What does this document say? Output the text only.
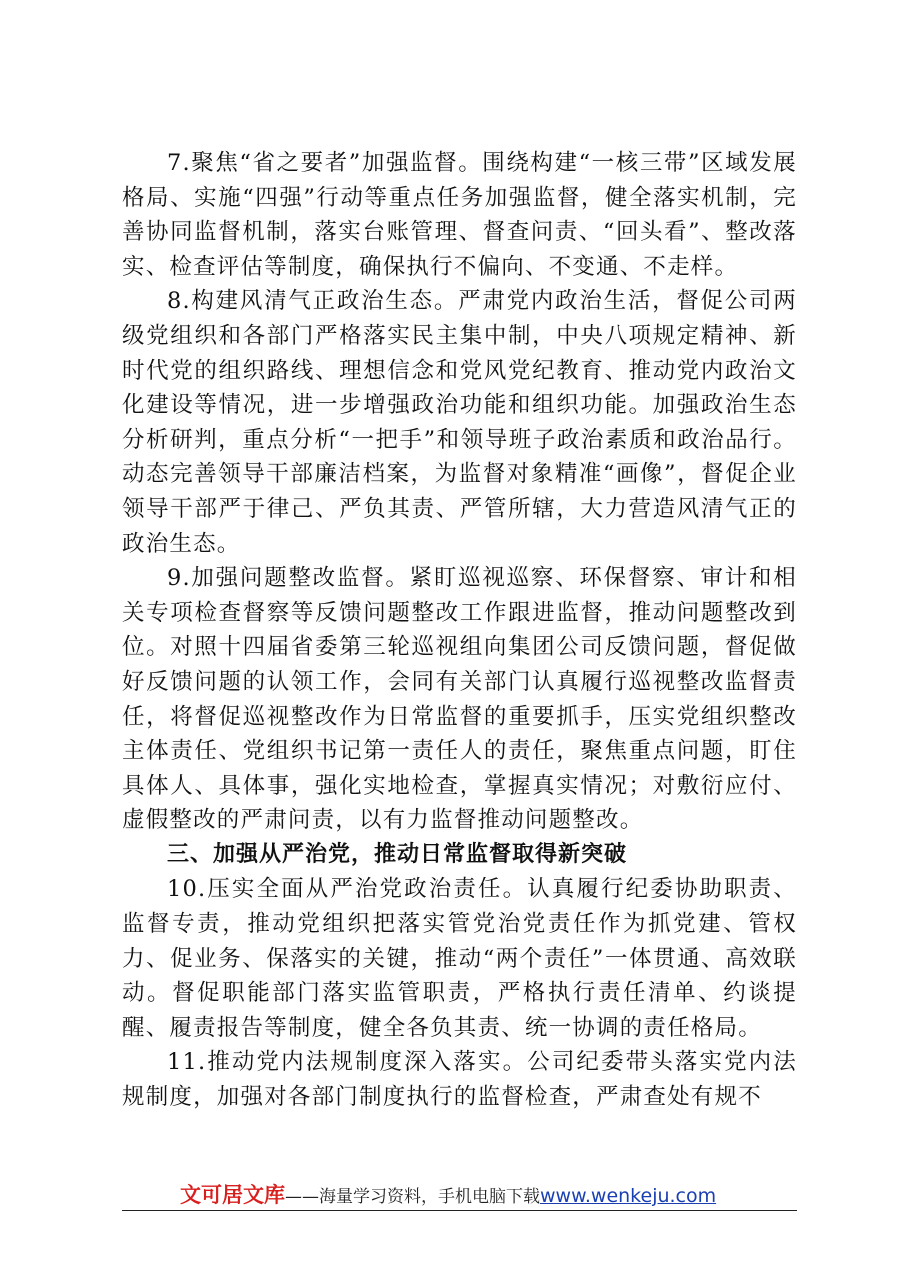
7.聚焦“省之要者”加强监督。围绕构建“一核三带”区域发展格局、实施“四强”行动等重点任务加强监督，健全落实机制，完善协同监督机制，落实台账管理、督查问责、“回头看”、整改落实、检查评估等制度，确保执行不偏向、不变通、不走样。

8.构建风清气正政治生态。严肃党内政治生活，督促公司两级党组织和各部门严格落实民主集中制，中央八项规定精神、新时代党的组织路线、理想信念和党风党纪教育、推动党内政治文化建设等情况，进一步增强政治功能和组织功能。加强政治生态分析研判，重点分析“一把手”和领导班子政治素质和政治品行。动态完善领导干部廉洁档案，为监督对象精准“画像”，督促企业领导干部严于律己、严负其责、严管所辖，大力营造风清气正的政治生态。

9.加强问题整改监督。紧盯巡视巡察、环保督察、审计和相关专项检查督察等反馈问题整改工作跟进监督，推动问题整改到位。对照十四届省委第三轮巡视组向集团公司反馈问题，督促做好反馈问题的认领工作，会同有关部门认真履行巡视整改监督责任，将督促巡视整改作为日常监督的重要抓手，压实党组织整改主体责任、党组织书记第一责任人的责任，聚焦重点问题，盯住具体人、具体事，强化实地检查，掌握真实情况；对敷衍应付、虚假整改的严肃问责，以有力监督推动问题整改。

三、加强从严治党，推动日常监督取得新突破

10.压实全面从严治党政治责任。认真履行纪委协助职责、监督专责，推动党组织把落实管党治党责任作为抓党建、管权力、促业务、保落实的关键，推动“两个责任”一体贯通、高效联动。督促职能部门落实监管职责，严格执行责任清单、约谈提醒、履责报告等制度，健全各负其责、统一协调的责任格局。

11.推动党内法规制度深入落实。公司纪委带头落实党内法规制度，加强对各部门制度执行的监督检查，严肃查处有规不

文可居文库——海量学习资料，手机电脑下载www.wenkeju.com
